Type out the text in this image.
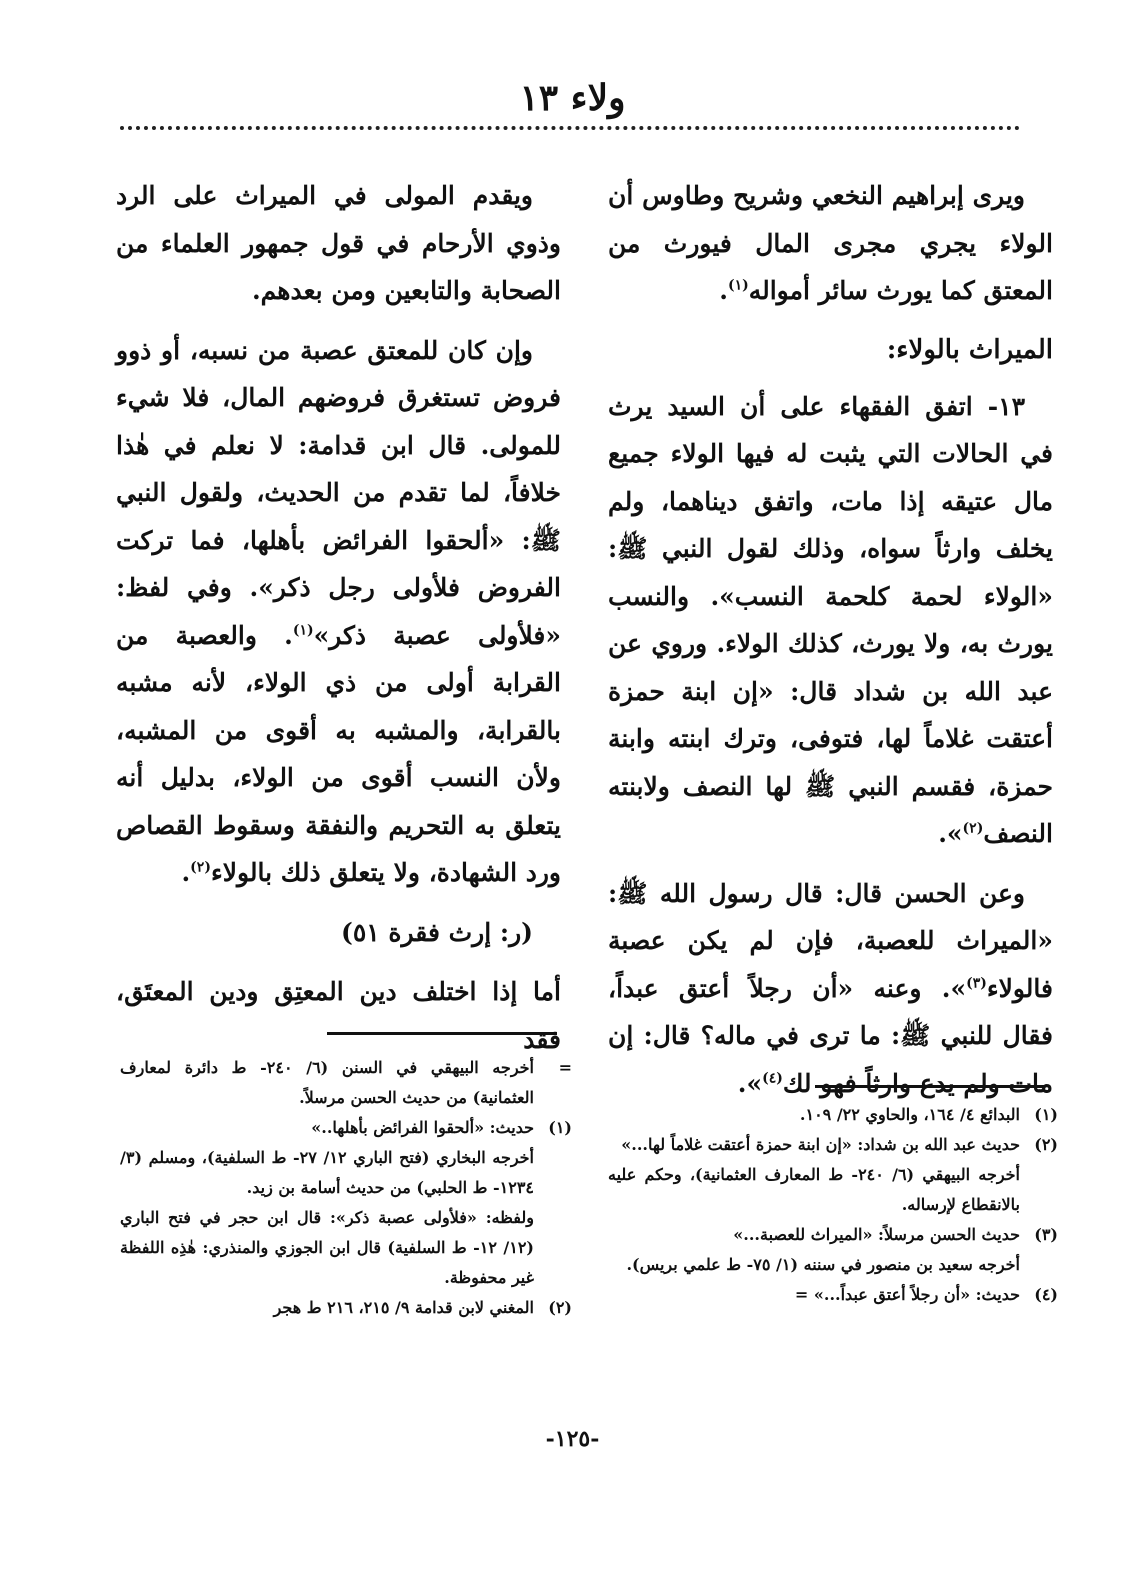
ولاء ١٣

ويرى إبراهيم النخعي وشريح وطاوس أن الولاء يجري مجرى المال فيورث من المعتق كما يورث سائر أمواله$^{(١)}$.

الميراث بالولاء:

١٣- اتفق الفقهاء على أن السيد يرث في الحالات التي يثبت له فيها الولاء جميع مال عتيقه إذا مات، واتفق ديناهما، ولم يخلف وارثاً سواه، وذلك لقول النبي ﷺ: «الولاء لحمة كلحمة النسب». والنسب يورث به، ولا يورث، كذلك الولاء. وروي عن عبد الله بن شداد قال: «إن ابنة حمزة أعتقت غلاماً لها، فتوفى، وترك ابنته وابنة حمزة، فقسم النبي ﷺ لها النصف ولابنته النصف$^{(٢)}$».

وعن الحسن قال: قال رسول الله ﷺ: «الميراث للعصبة، فإن لم يكن عصبة فالولاء$^{(٣)}$». وعنه «أن رجلاً أعتق عبداً، فقال للنبي ﷺ: ما ترى في ماله؟ قال: إن مات ولم يدع وارثاً فهو لك$^{(٤)}$».

ويقدم المولى في الميراث على الرد وذوي الأرحام في قول جمهور العلماء من الصحابة والتابعين ومن بعدهم.

وإن كان للمعتق عصبة من نسبه، أو ذوو فروض تستغرق فروضهم المال، فلا شيء للمولى. قال ابن قدامة: لا نعلم في هٰذا خلافاً، لما تقدم من الحديث، ولقول النبي ﷺ: «ألحقوا الفرائض بأهلها، فما تركت الفروض فلأولى رجل ذكر». وفي لفظ: «فلأولى عصبة ذكر»$^{(١)}$. والعصبة من القرابة أولى من ذي الولاء، لأنه مشبه بالقرابة، والمشبه به أقوى من المشبه، ولأن النسب أقوى من الولاء، بدليل أنه يتعلق به التحريم والنفقة وسقوط القصاص ورد الشهادة، ولا يتعلق ذلك بالولاء$^{(٢)}$.

(ر: إرث فقرة ٥١)

أما إذا اختلف دين المعتِق ودين المعتَق، فقد

(١)
البدائع ٤/ ١٦٤، والحاوي ٢٢/ ١٠٩.
(٢)
حديث عبد الله بن شداد: «إن ابنة حمزة أعتقت غلاماً لها...»
أخرجه البيهقي (٦/ ٢٤٠- ط المعارف العثمانية)، وحكم عليه بالانقطاع لإرساله.
(٣)
حديث الحسن مرسلاً: «الميراث للعصبة...»
أخرجه سعيد بن منصور في سننه (١/ ٧٥- ط علمي بريس).
(٤)
حديث: «أن رجلاً أعتق عبداً...» =
=
أخرجه البيهقي في السنن (٦/ ٢٤٠- ط دائرة لمعارف العثمانية) من حديث الحسن مرسلاً.
(١)
حديث: «ألحقوا الفرائض بأهلها..»
أخرجه البخاري (فتح الباري ١٢/ ٢٧- ط السلفية)، ومسلم (٣/ ١٢٣٤- ط الحلبي) من حديث أسامة بن زيد.
ولفظه: «فلأولى عصبة ذكر»: قال ابن حجر في فتح الباري (١٢/ ١٢- ط السلفية) قال ابن الجوزي والمنذري: هٰذِه اللفظة غير محفوظة.
(٢)
المغني لابن قدامة ٩/ ٢١٥، ٢١٦ ط هجر
-١٢٥-
